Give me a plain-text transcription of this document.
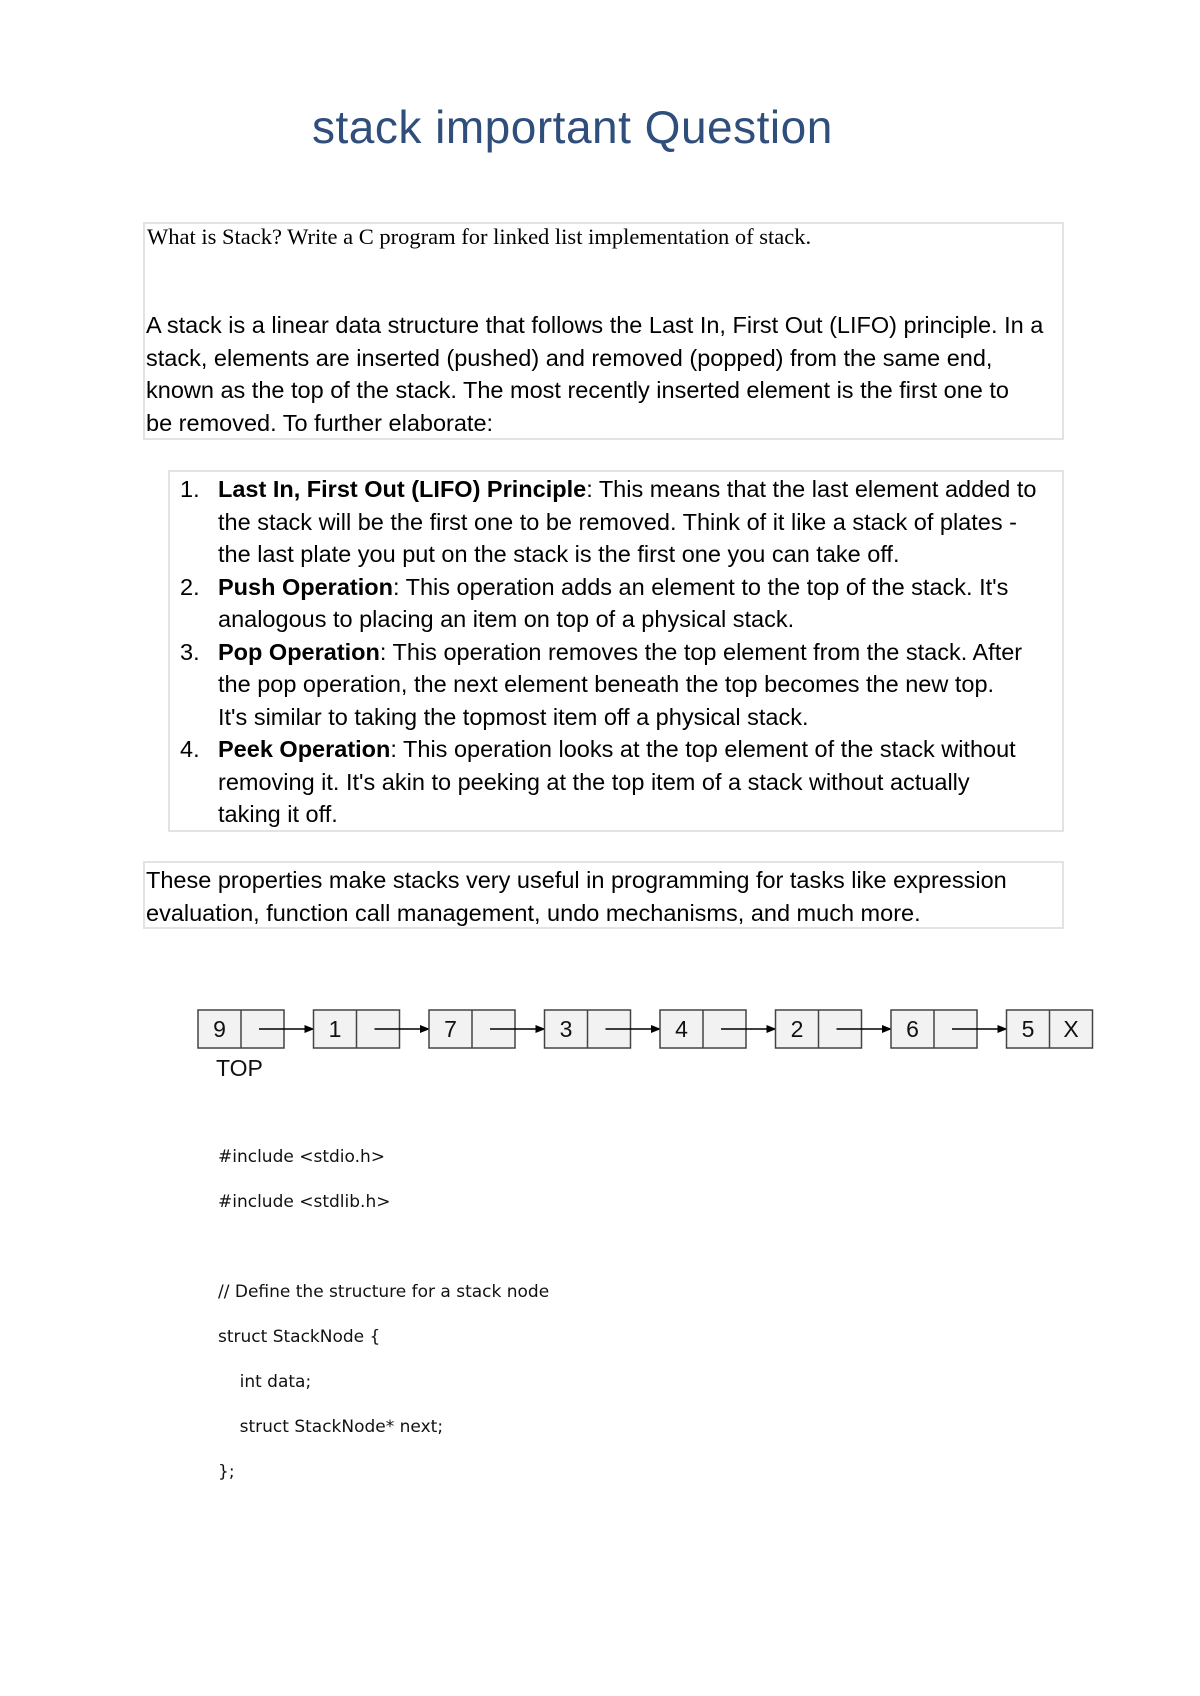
stack important Question
What is Stack? Write a C program for linked list implementation of stack.
A stack is a linear data structure that follows the Last In, First Out (LIFO) principle. In a
stack, elements are inserted (pushed) and removed (popped) from the same end,
known as the top of the stack. The most recently inserted element is the first one to
be removed. To further elaborate:
1. Last In, First Out (LIFO) Principle: This means that the last element added to
the stack will be the first one to be removed. Think of it like a stack of plates -
the last plate you put on the stack is the first one you can take off.
2. Push Operation: This operation adds an element to the top of the stack. It's
analogous to placing an item on top of a physical stack.
3. Pop Operation: This operation removes the top element from the stack. After
the pop operation, the next element beneath the top becomes the new top.
It's similar to taking the topmost item off a physical stack.
4. Peek Operation: This operation looks at the top element of the stack without
removing it. It's akin to peeking at the top item of a stack without actually
taking it off.
These properties make stacks very useful in programming for tasks like expression
evaluation, function call management, undo mechanisms, and much more.
9	1	7	3	4	2	6	5 X
TOP
#include <stdio.h>
#include <stdlib.h>
// Define the structure for a stack node
struct StackNode {
int data;
struct StackNode* next;
};
